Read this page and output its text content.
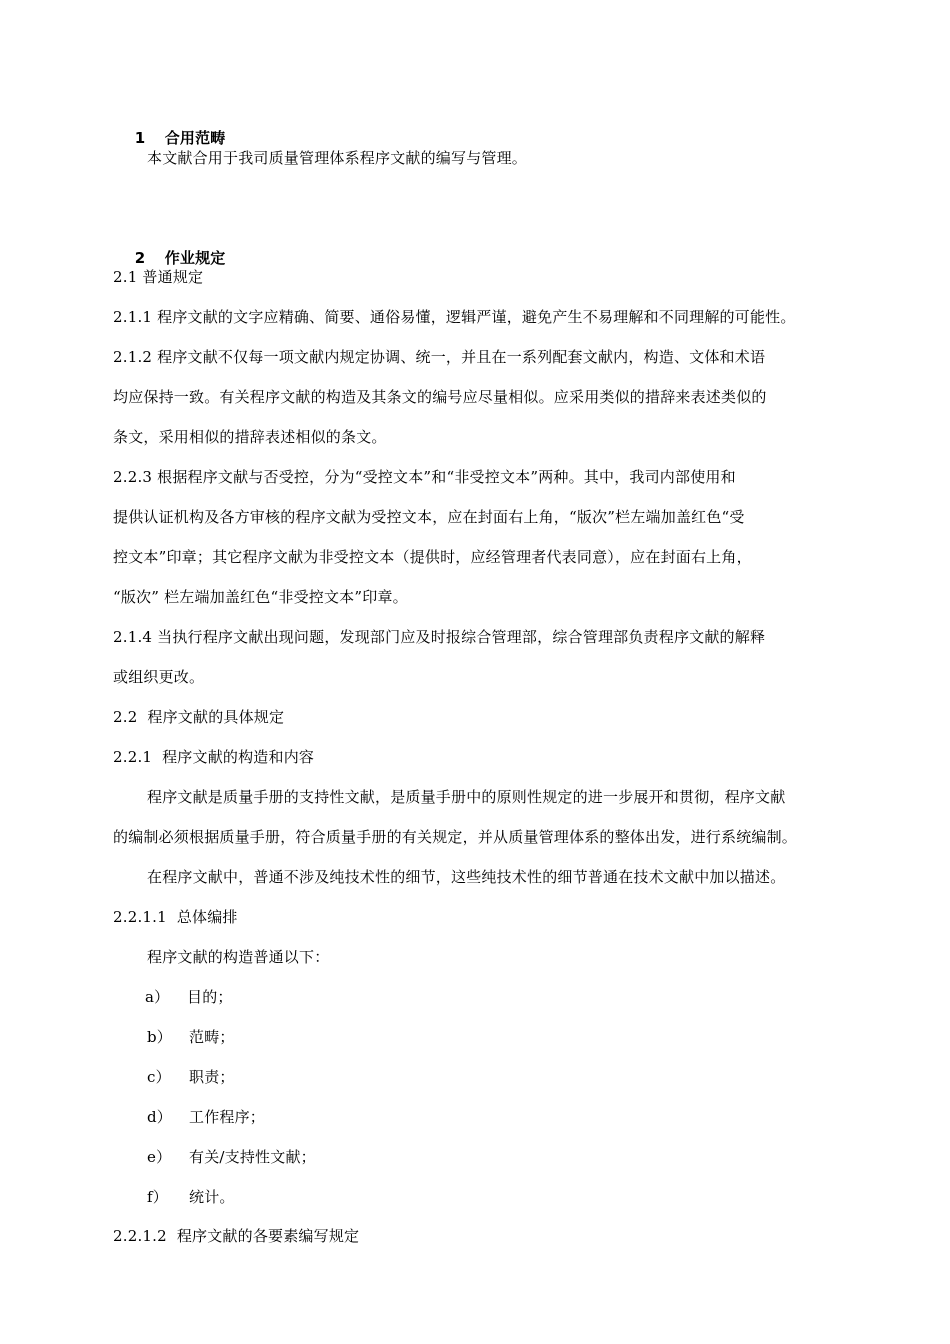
1 合用范畴

本文献合用于我司质量管理体系程序文献的编写与管理。

2 作业规定

2.1 普通规定
2.1.1 程序文献的文字应精确、简要、通俗易懂，逻辑严谨，避免产生不易理解和不同理解的可能性。
2.1.2 程序文献不仅每一项文献内规定协调、统一，并且在一系列配套文献内，构造、文体和术语
均应保持一致。有关程序文献的构造及其条文的编号应尽量相似。应采用类似的措辞来表述类似的
条文，采用相似的措辞表述相似的条文。
2.2.3 根据程序文献与否受控，分为“受控文本”和“非受控文本”两种。其中，我司内部使用和
提供认证机构及各方审核的程序文献为受控文本，应在封面右上角，“版次”栏左端加盖红色“受
控文本”印章；其它程序文献为非受控文本（提供时，应经管理者代表同意），应在封面右上角，
“版次” 栏左端加盖红色“非受控文本”印章。
2.1.4 当执行程序文献出现问题，发现部门应及时报综合管理部，综合管理部负责程序文献的解释
或组织更改。
2.2  程序文献的具体规定
2.2.1  程序文献的构造和内容
程序文献是质量手册的支持性文献，是质量手册中的原则性规定的进一步展开和贯彻，程序文献
的编制必须根据质量手册，符合质量手册的有关规定，并从质量管理体系的整体出发，进行系统编制。
在程序文献中，普通不涉及纯技术性的细节，这些纯技术性的细节普通在技术文献中加以描述。
2.2.1.1  总体编排
程序文献的构造普通以下：
a） 目的；
b） 范畴；
c） 职责；
d） 工作程序；
e） 有关/支持性文献；
f） 统计。
2.2.1.2  程序文献的各要素编写规定
